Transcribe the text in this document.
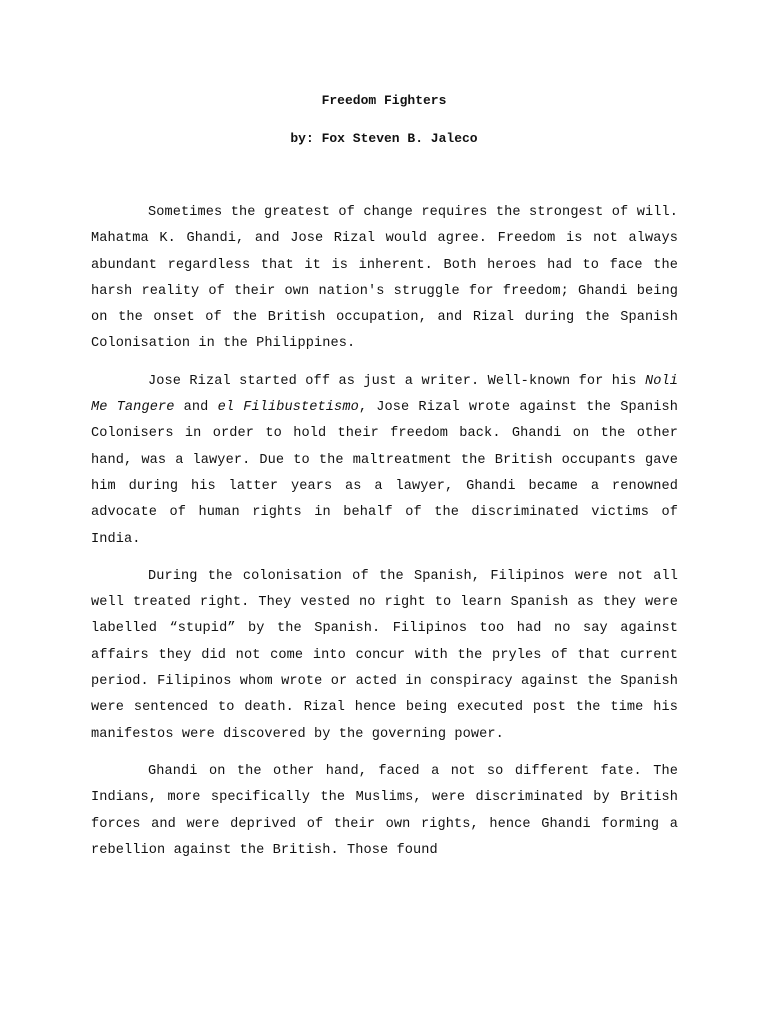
Freedom Fighters

by: Fox Steven B. Jaleco

Sometimes the greatest of change requires the strongest of will. Mahatma K. Ghandi, and Jose Rizal would agree. Freedom is not always abundant regardless that it is inherent. Both heroes had to face the harsh reality of their own nation's struggle for freedom; Ghandi being on the onset of the British occupation, and Rizal during the Spanish Colonisation in the Philippines.

Jose Rizal started off as just a writer. Well-known for his Noli Me Tangere and el Filibustetismo, Jose Rizal wrote against the Spanish Colonisers in order to hold their freedom back. Ghandi on the other hand, was a lawyer. Due to the maltreatment the British occupants gave him during his latter years as a lawyer, Ghandi became a renowned advocate of human rights in behalf of the discriminated victims of India.

During the colonisation of the Spanish, Filipinos were not all well treated right. They vested no right to learn Spanish as they were labelled “stupid” by the Spanish. Filipinos too had no say against affairs they did not come into concur with the pryles of that current period. Filipinos whom wrote or acted in conspiracy against the Spanish were sentenced to death. Rizal hence being executed post the time his manifestos were discovered by the governing power.

Ghandi on the other hand, faced a not so different fate. The Indians, more specifically the Muslims, were discriminated by British forces and were deprived of their own rights, hence Ghandi forming a rebellion against the British. Those found
